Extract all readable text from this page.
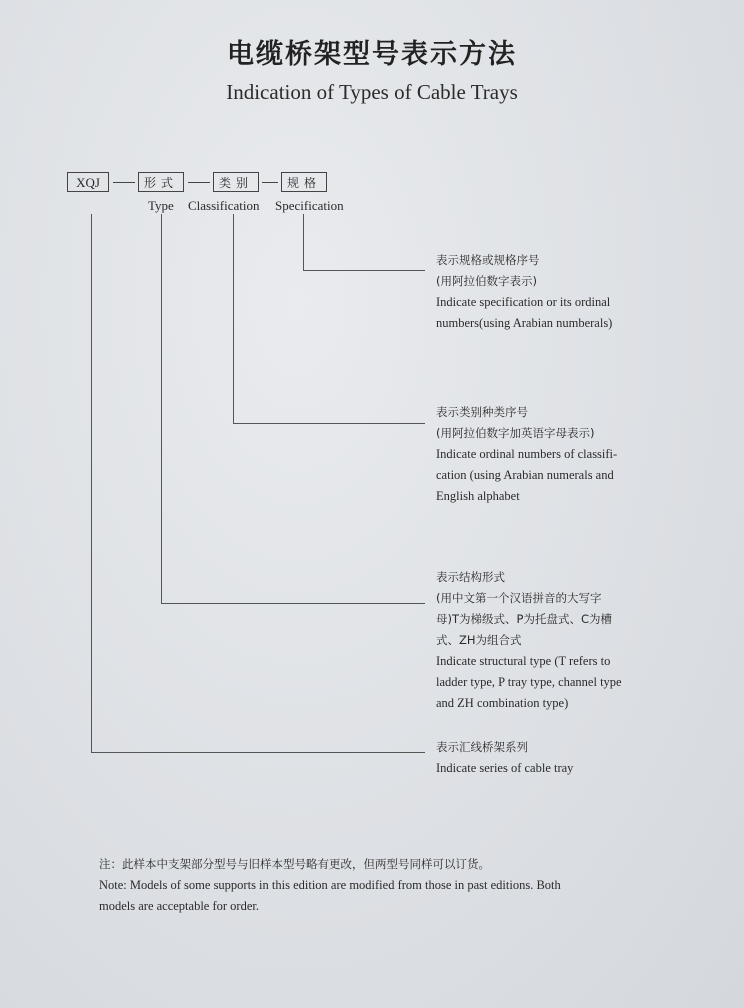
电缆桥架型号表示方法
Indication of Types of Cable Trays
XQJ	形式	类别	规格
Type Classification Specification
表示规格或规格序号
(用阿拉伯数字表示)
Indicate specification or its ordinal
numbers(using Arabian numberals)
表示类别种类序号
(用阿拉伯数字加英语字母表示)
Indicate ordinal numbers of classifi-
cation (using Arabian numerals and
English alphabet
表示结构形式
(用中文第一个汉语拼音的大写字
母)T为梯级式、P为托盘式、C为槽
式、ZH为组合式
Indicate structural type (T refers to
ladder type, P tray type, channel type
and ZH combination type)
表示汇线桥架系列
Indicate series of cable tray
注：此样本中支架部分型号与旧样本型号略有更改，但两型号同样可以订货。
Note: Models of some supports in this edition are modified from those in past editions. Both
models are acceptable for order.
